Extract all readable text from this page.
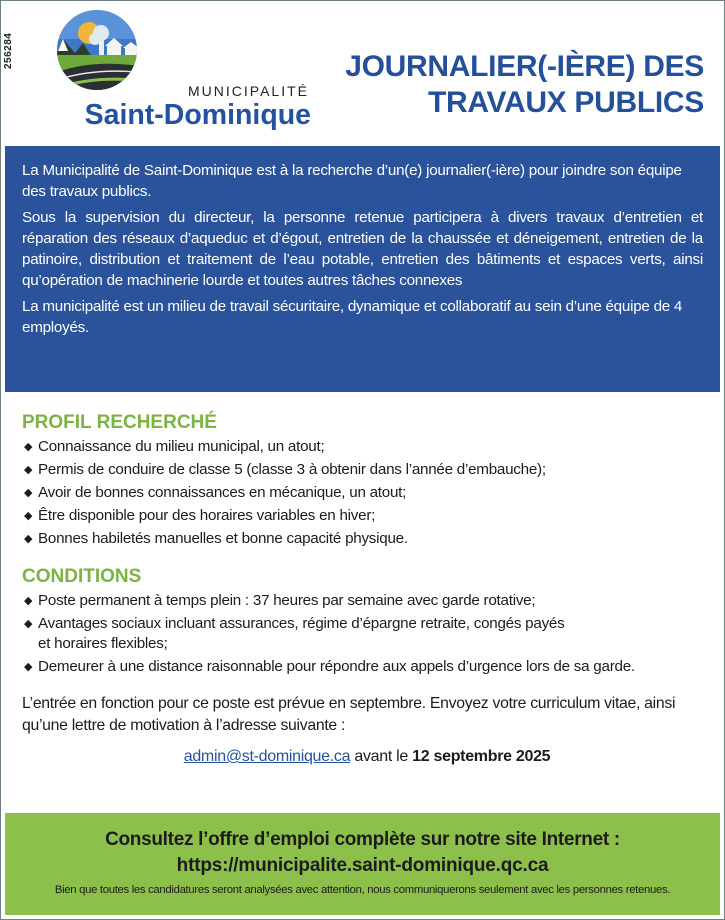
256284
MUNICIPALITÉ
Saint-Dominique
JOURNALIER(-IÈRE) DES
TRAVAUX PUBLICS

La Municipalité de Saint-Dominique est à la recherche d’un(e) journalier(-ière) pour joindre son équipe des travaux publics.

Sous la supervision du directeur, la personne retenue participera à divers travaux d’entretien et réparation des réseaux d’aqueduc et d’égout, entretien de la chaussée et déneigement, entretien de la patinoire, distribution et traitement de l’eau potable, entretien des bâtiments et espaces verts, ainsi qu’opération de machinerie lourde et toutes autres tâches connexes

La municipalité est un milieu de travail sécuritaire, dynamique et collaboratif au sein d’une équipe de 4 employés.

PROFIL RECHERCHÉ
◆ Connaissance du milieu municipal, un atout;
◆ Permis de conduire de classe 5 (classe 3 à obtenir dans l’année d’embauche);
◆ Avoir de bonnes connaissances en mécanique, un atout;
◆ Être disponible pour des horaires variables en hiver;
◆ Bonnes habiletés manuelles et bonne capacité physique.
CONDITIONS
◆ Poste permanent à temps plein : 37 heures par semaine avec garde rotative;
◆ Avantages sociaux incluant assurances, régime d’épargne retraite, congés payés
et horaires flexibles;
◆ Demeurer à une distance raisonnable pour répondre aux appels d’urgence lors de sa garde.
L’entrée en fonction pour ce poste est prévue en septembre. Envoyez votre curriculum vitae, ainsi qu’une lettre de motivation à l’adresse suivante :
admin@st-dominique.ca avant le 12 septembre 2025
Consultez l’offre d’emploi complète sur notre site Internet :
https://municipalite.saint-dominique.qc.ca
Bien que toutes les candidatures seront analysées avec attention, nous communiquerons seulement avec les personnes retenues.
